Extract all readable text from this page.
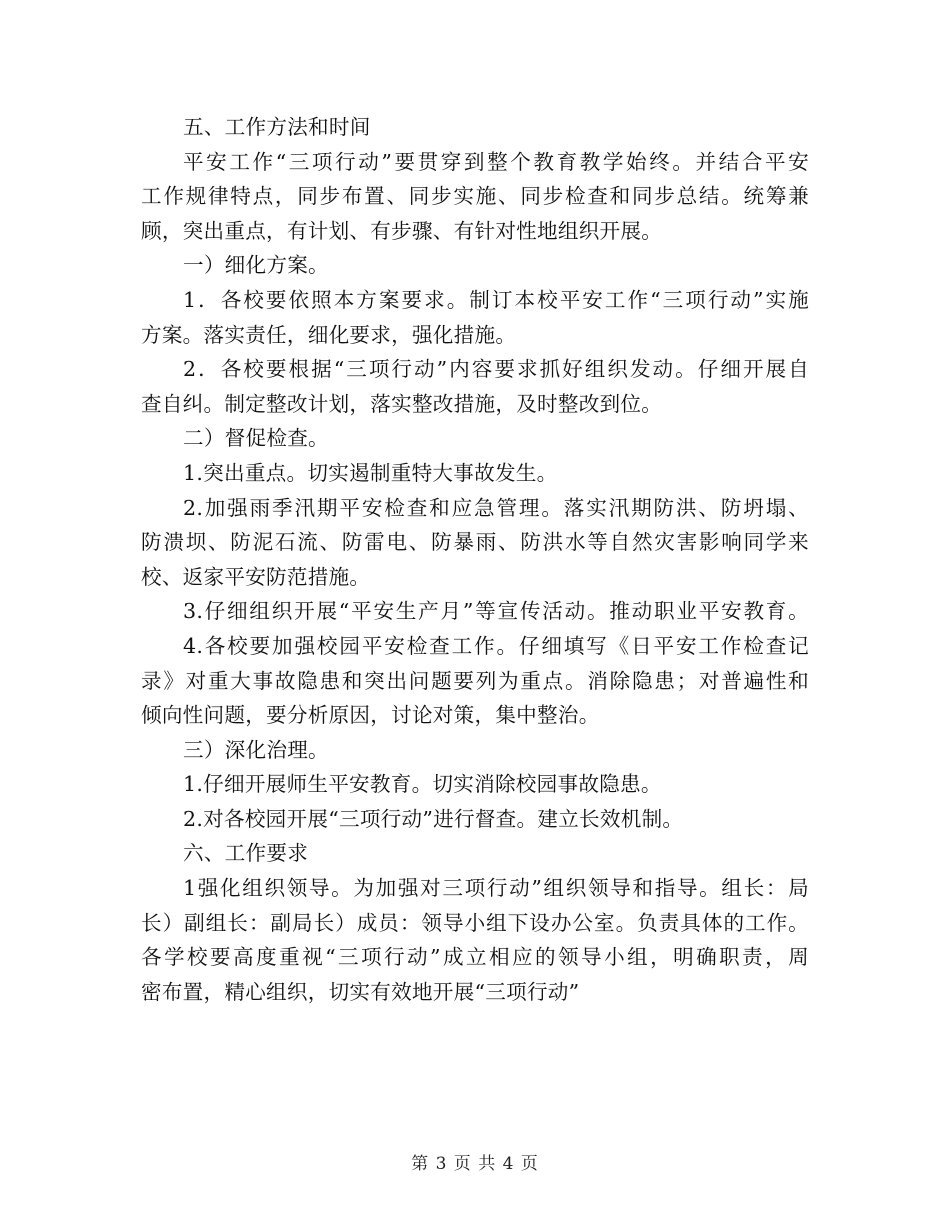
五、工作方法和时间
平安工作“三项行动”要贯穿到整个教育教学始终。并结合平安
工作规律特点，同步布置、同步实施、同步检查和同步总结。统筹兼
顾，突出重点，有计划、有步骤、有针对性地组织开展。
一）细化方案。
1．各校要依照本方案要求。制订本校平安工作“三项行动”实施
方案。落实责任，细化要求，强化措施。
2．各校要根据“三项行动”内容要求抓好组织发动。仔细开展自
查自纠。制定整改计划，落实整改措施，及时整改到位。
二）督促检查。
1.突出重点。切实遏制重特大事故发生。
2.加强雨季汛期平安检查和应急管理。落实汛期防洪、防坍塌、
防溃坝、防泥石流、防雷电、防暴雨、防洪水等自然灾害影响同学来
校、返家平安防范措施。
3.仔细组织开展“平安生产月”等宣传活动。推动职业平安教育。
4.各校要加强校园平安检查工作。仔细填写《日平安工作检查记
录》对重大事故隐患和突出问题要列为重点。消除隐患；对普遍性和
倾向性问题，要分析原因，讨论对策，集中整治。
三）深化治理。
1.仔细开展师生平安教育。切实消除校园事故隐患。
2.对各校园开展“三项行动”进行督查。建立长效机制。
六、工作要求
1强化组织领导。为加强对三项行动”组织领导和指导。组长：局
长）副组长：副局长）成员：领导小组下设办公室。负责具体的工作。
各学校要高度重视“三项行动”成立相应的领导小组，明确职责，周
密布置，精心组织，切实有效地开展“三项行动”
第 3 页 共 4 页
